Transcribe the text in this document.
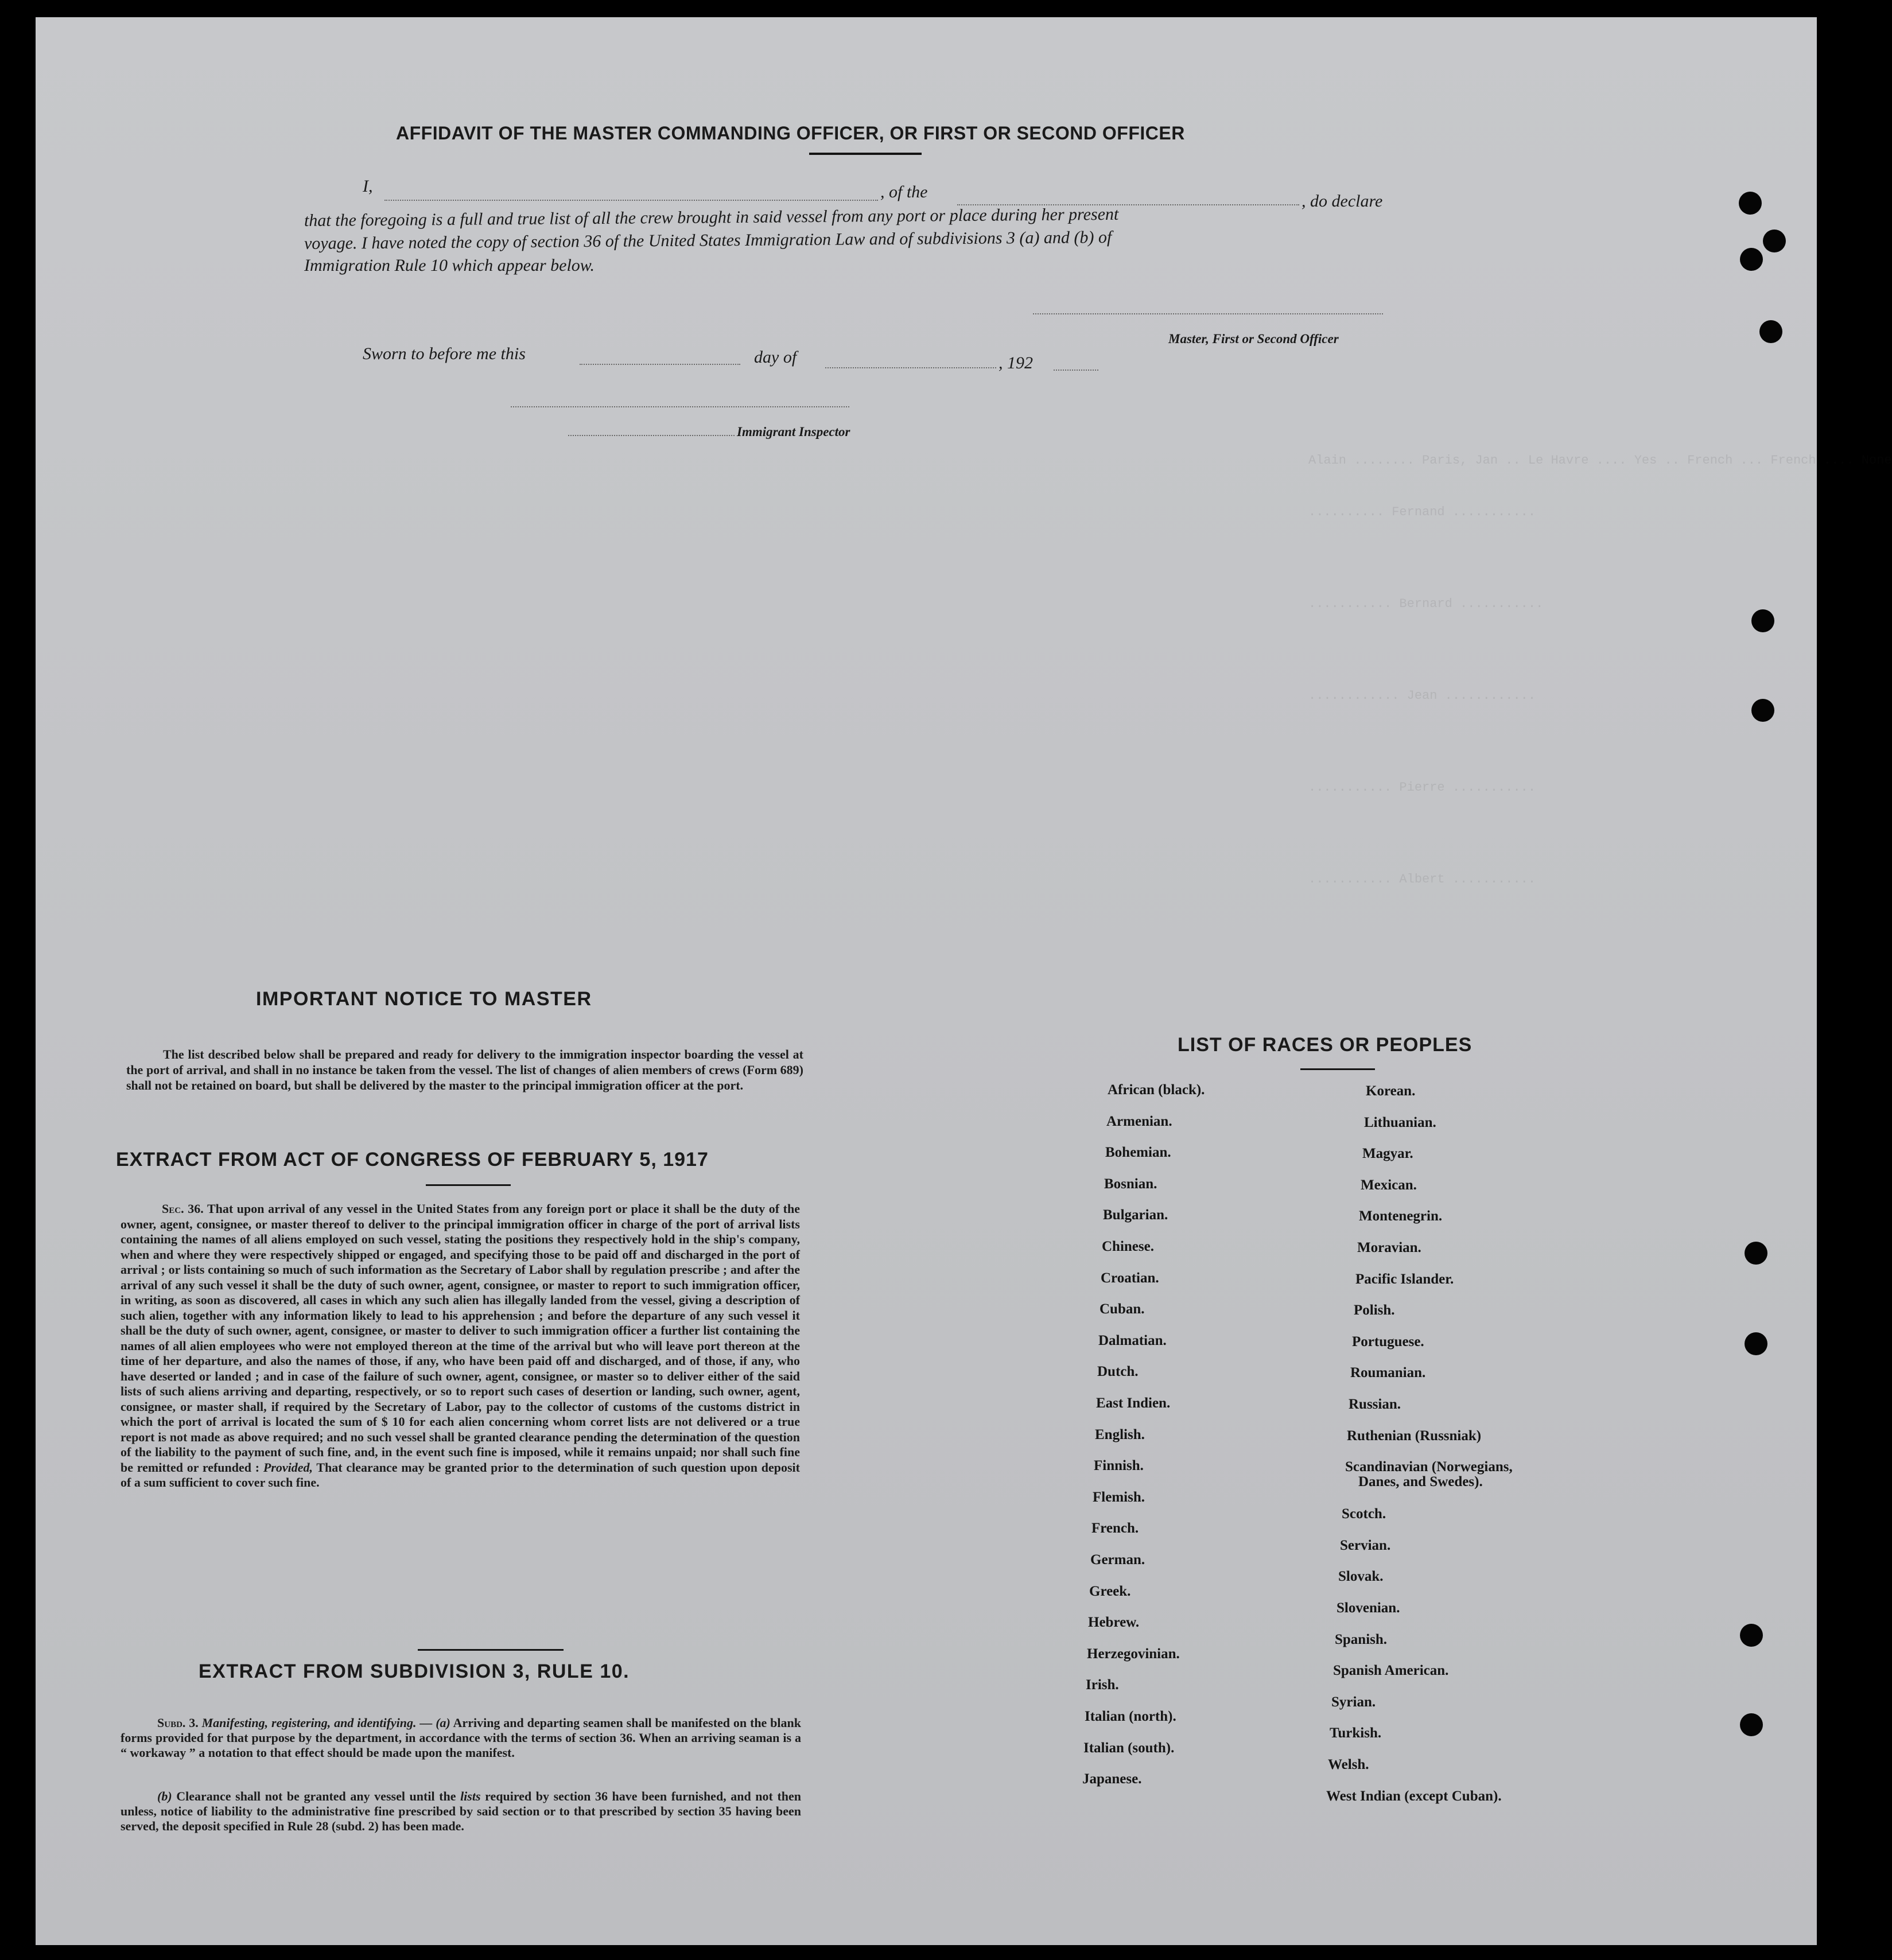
Alain ........ Paris, Jan .. Le Havre .... Yes .. French ... French .... None
.......... Fernand ...........
........... Bernard ...........
............ Jean ............
........... Pierre ...........
........... Albert ...........
AFFIDAVIT OF THE MASTER COMMANDING OFFICER, OR FIRST OR SECOND OFFICER
I,	, of the	, do declare
that the foregoing is a full and true list of all the crew brought in said vessel from any port or place during her present
voyage. I have noted the copy of section 36 of the United States Immigration Law and of subdivisions 3 (a) and (b) of
Immigration Rule 10 which appear below.
Master, First or Second Officer
Sworn to before me this	day of	, 192
Immigrant Inspector
IMPORTANT NOTICE TO MASTER
The list described below shall be prepared and ready for delivery to the immigration inspector boarding the vessel at the port of arrival, and shall in no instance be taken from the vessel. The list of changes of alien members of crews (Form 689) shall not be retained on board, but shall be delivered by the master to the principal immigration officer at the port.
EXTRACT FROM ACT OF CONGRESS OF FEBRUARY 5, 1917
Sec. 36. That upon arrival of any vessel in the United States from any foreign port or place it shall be the duty of the owner, agent, consignee, or master thereof to deliver to the principal immigration officer in charge of the port of arrival lists containing the names of all aliens employed on such vessel, stating the positions they respectively hold in the ship's company, when and where they were respectively shipped or engaged, and specifying those to be paid off and discharged in the port of arrival ; or lists containing so much of such information as the Secretary of Labor shall by regulation prescribe ; and after the arrival of any such vessel it shall be the duty of such owner, agent, consignee, or master to report to such immigration officer, in writing, as soon as discovered, all cases in which any such alien has illegally landed from the vessel, giving a description of such alien, together with any information likely to lead to his apprehension ; and before the departure of any such vessel it shall be the duty of such owner, agent, consignee, or master to deliver to such immigration officer a further list containing the names of all alien employees who were not employed thereon at the time of the arrival but who will leave port thereon at the time of her departure, and also the names of those, if any, who have been paid off and discharged, and of those, if any, who have deserted or landed ; and in case of the failure of such owner, agent, consignee, or master so to deliver either of the said lists of such aliens arriving and departing, respectively, or so to report such cases of desertion or landing, such owner, agent, consignee, or master shall, if required by the Secretary of Labor, pay to the collector of customs of the customs district in which the port of arrival is located the sum of $ 10 for each alien concerning whom corret lists are not delivered or a true report is not made as above required; and no such vessel shall be granted clearance pending the determination of the question of the liability to the payment of such fine, and, in the event such fine is imposed, while it remains unpaid; nor shall such fine be remitted or refunded : Provided, That clearance may be granted prior to the determination of such question upon deposit of a sum sufficient to cover such fine.
EXTRACT FROM SUBDIVISION 3, RULE 10.
Subd. 3. Manifesting, registering, and identifying. — (a) Arriving and departing seamen shall be manifested on the blank forms provided for that purpose by the department, in accordance with the terms of section 36. When an arriving seaman is a “ workaway ” a notation to that effect should be made upon the manifest.
(b) Clearance shall not be granted any vessel until the lists required by section 36 have been furnished, and not then unless, notice of liability to the administrative fine prescribed by said section or to that prescribed by section 35 having been served, the deposit specified in Rule 28 (subd. 2) has been made.
LIST OF RACES OR PEOPLES
African (black).
Armenian.
Bohemian.
Bosnian.
Bulgarian.
Chinese.
Croatian.
Cuban.
Dalmatian.
Dutch.
East Indien.
English.
Finnish.
Flemish.
French.
German.
Greek.
Hebrew.
Herzegovinian.
Irish.
Italian (north).
Italian (south).
Japanese.
Korean.
Lithuanian.
Magyar.
Mexican.
Montenegrin.
Moravian.
Pacific Islander.
Polish.
Portuguese.
Roumanian.
Russian.
Ruthenian (Russniak)
Scandinavian (Norwegians,
Danes, and Swedes).
Scotch.
Servian.
Slovak.
Slovenian.
Spanish.
Spanish American.
Syrian.
Turkish.
Welsh.
West Indian (except Cuban).
